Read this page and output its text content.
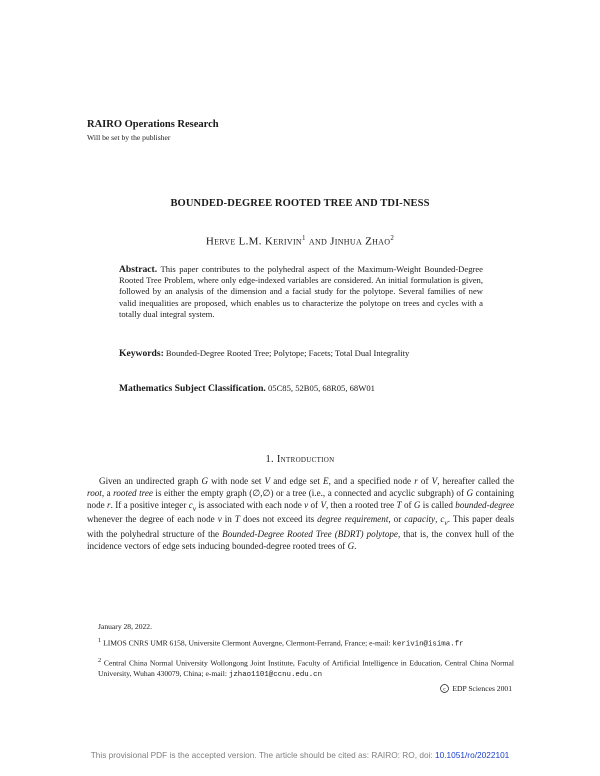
RAIRO Operations Research
Will be set by the publisher
BOUNDED-DEGREE ROOTED TREE AND TDI-NESS
Herve L.M. Kerivin$^1$ and Jinhua Zhao$^2$
Abstract. This paper contributes to the polyhedral aspect of the Maximum-Weight Bounded-Degree Rooted Tree Problem, where only edge-indexed variables are considered. An initial formulation is given, followed by an analysis of the dimension and a facial study for the polytope. Several families of new valid inequalities are proposed, which enables us to characterize the polytope on trees and cycles with a totally dual integral system.
Keywords: Bounded-Degree Rooted Tree; Polytope; Facets; Total Dual Integrality
Mathematics Subject Classification. 05C85, 52B05, 68R05, 68W01
1. Introduction
Given an undirected graph G with node set V and edge set E, and a specified node r of V, hereafter called the root, a rooted tree is either the empty graph (∅,∅) or a tree (i.e., a connected and acyclic subgraph) of G containing node r. If a positive integer $c_v$ is associated with each node v of V, then a rooted tree T of G is called bounded-degree whenever the degree of each node v in T does not exceed its degree requirement, or capacity, $c_v$. This paper deals with the polyhedral structure of the Bounded-Degree Rooted Tree (BDRT) polytope, that is, the convex hull of the incidence vectors of edge sets inducing bounded-degree rooted trees of G.
January 28, 2022.
$^1$ LIMOS CNRS UMR 6158, Universite Clermont Auvergne, Clermont-Ferrand, France; e-mail: kerivin@isima.fr
$^2$ Central China Normal University Wollongong Joint Institute, Faculty of Artificial Intelligence in Education, Central China Normal University, Wuhan 430079, China; e-mail: jzhao1101@ccnu.edu.cn
c EDP Sciences 2001
This provisional PDF is the accepted version. The article should be cited as: RAIRO: RO, doi: 10.1051/ro/2022101
